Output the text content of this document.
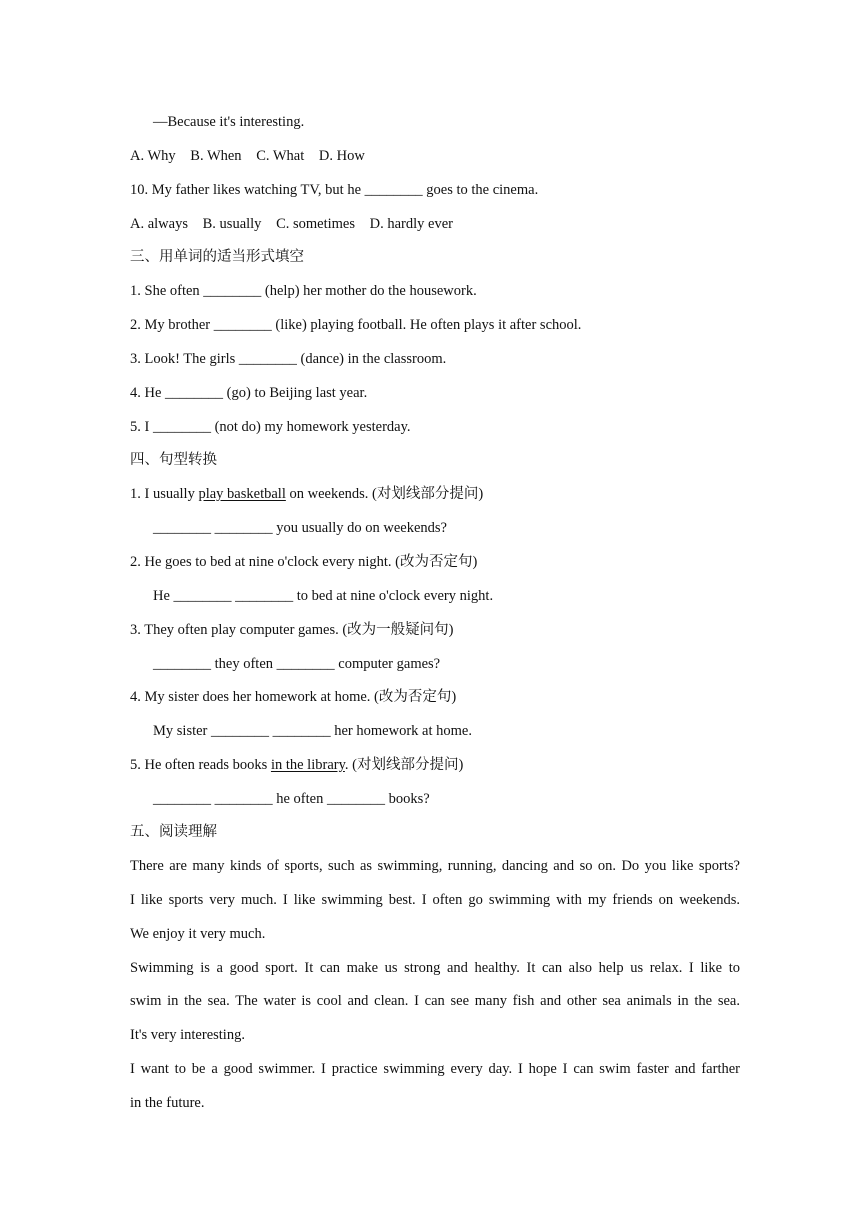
—Because it's interesting.
A. Why B. When C. What D. How
10. My father likes watching TV, but he ________ goes to the cinema.
A. always B. usually C. sometimes D. hardly ever
三、用单词的适当形式填空
1. She often ________ (help) her mother do the housework.
2. My brother ________ (like) playing football. He often plays it after school.
3. Look! The girls ________ (dance) in the classroom.
4. He ________ (go) to Beijing last year.
5. I ________ (not do) my homework yesterday.
四、句型转换
1. I usually play basketball on weekends. (对划线部分提问)
________ ________ you usually do on weekends?
2. He goes to bed at nine o'clock every night. (改为否定句)
He ________ ________ to bed at nine o'clock every night.
3. They often play computer games. (改为一般疑问句)
________ they often ________ computer games?
4. My sister does her homework at home. (改为否定句)
My sister ________ ________ her homework at home.
5. He often reads books in the library. (对划线部分提问)
________ ________ he often ________ books?
五、阅读理解
There are many kinds of sports, such as swimming, running, dancing and so on. Do you like sports?
I like sports very much. I like swimming best. I often go swimming with my friends on weekends.
We enjoy it very much.
Swimming is a good sport. It can make us strong and healthy. It can also help us relax. I like to
swim in the sea. The water is cool and clean. I can see many fish and other sea animals in the sea.
It's very interesting.
I want to be a good swimmer. I practice swimming every day. I hope I can swim faster and farther
in the future.
